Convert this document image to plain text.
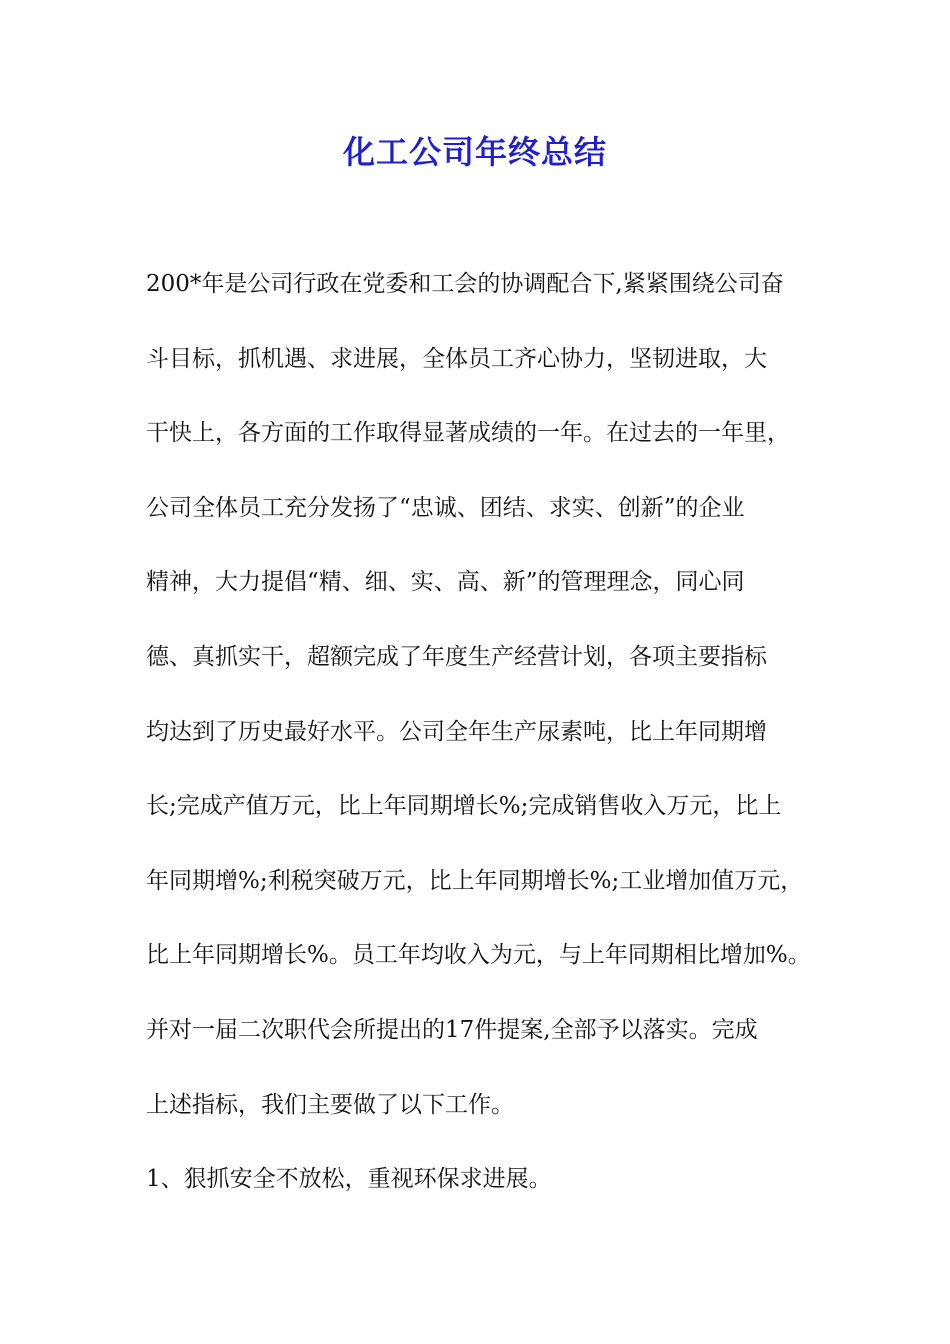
化工公司年终总结

200*年是公司行政在党委和工会的协调配合下,紧紧围绕公司奋

斗目标，抓机遇、求进展，全体员工齐心协力，坚韧进取，大

干快上，各方面的工作取得显著成绩的一年。在过去的一年里，

公司全体员工充分发扬了“忠诚、团结、求实、创新”的企业

精神，大力提倡“精、细、实、高、新”的管理理念，同心同

德、真抓实干，超额完成了年度生产经营计划，各项主要指标

均达到了历史最好水平。公司全年生产尿素吨，比上年同期增

长;完成产值万元，比上年同期增长%;完成销售收入万元，比上

年同期增%;利税突破万元，比上年同期增长%;工业增加值万元，

比上年同期增长%。员工年均收入为元，与上年同期相比增加%。

并对一届二次职代会所提出的17件提案,全部予以落实。完成

上述指标，我们主要做了以下工作。

1、狠抓安全不放松，重视环保求进展。
